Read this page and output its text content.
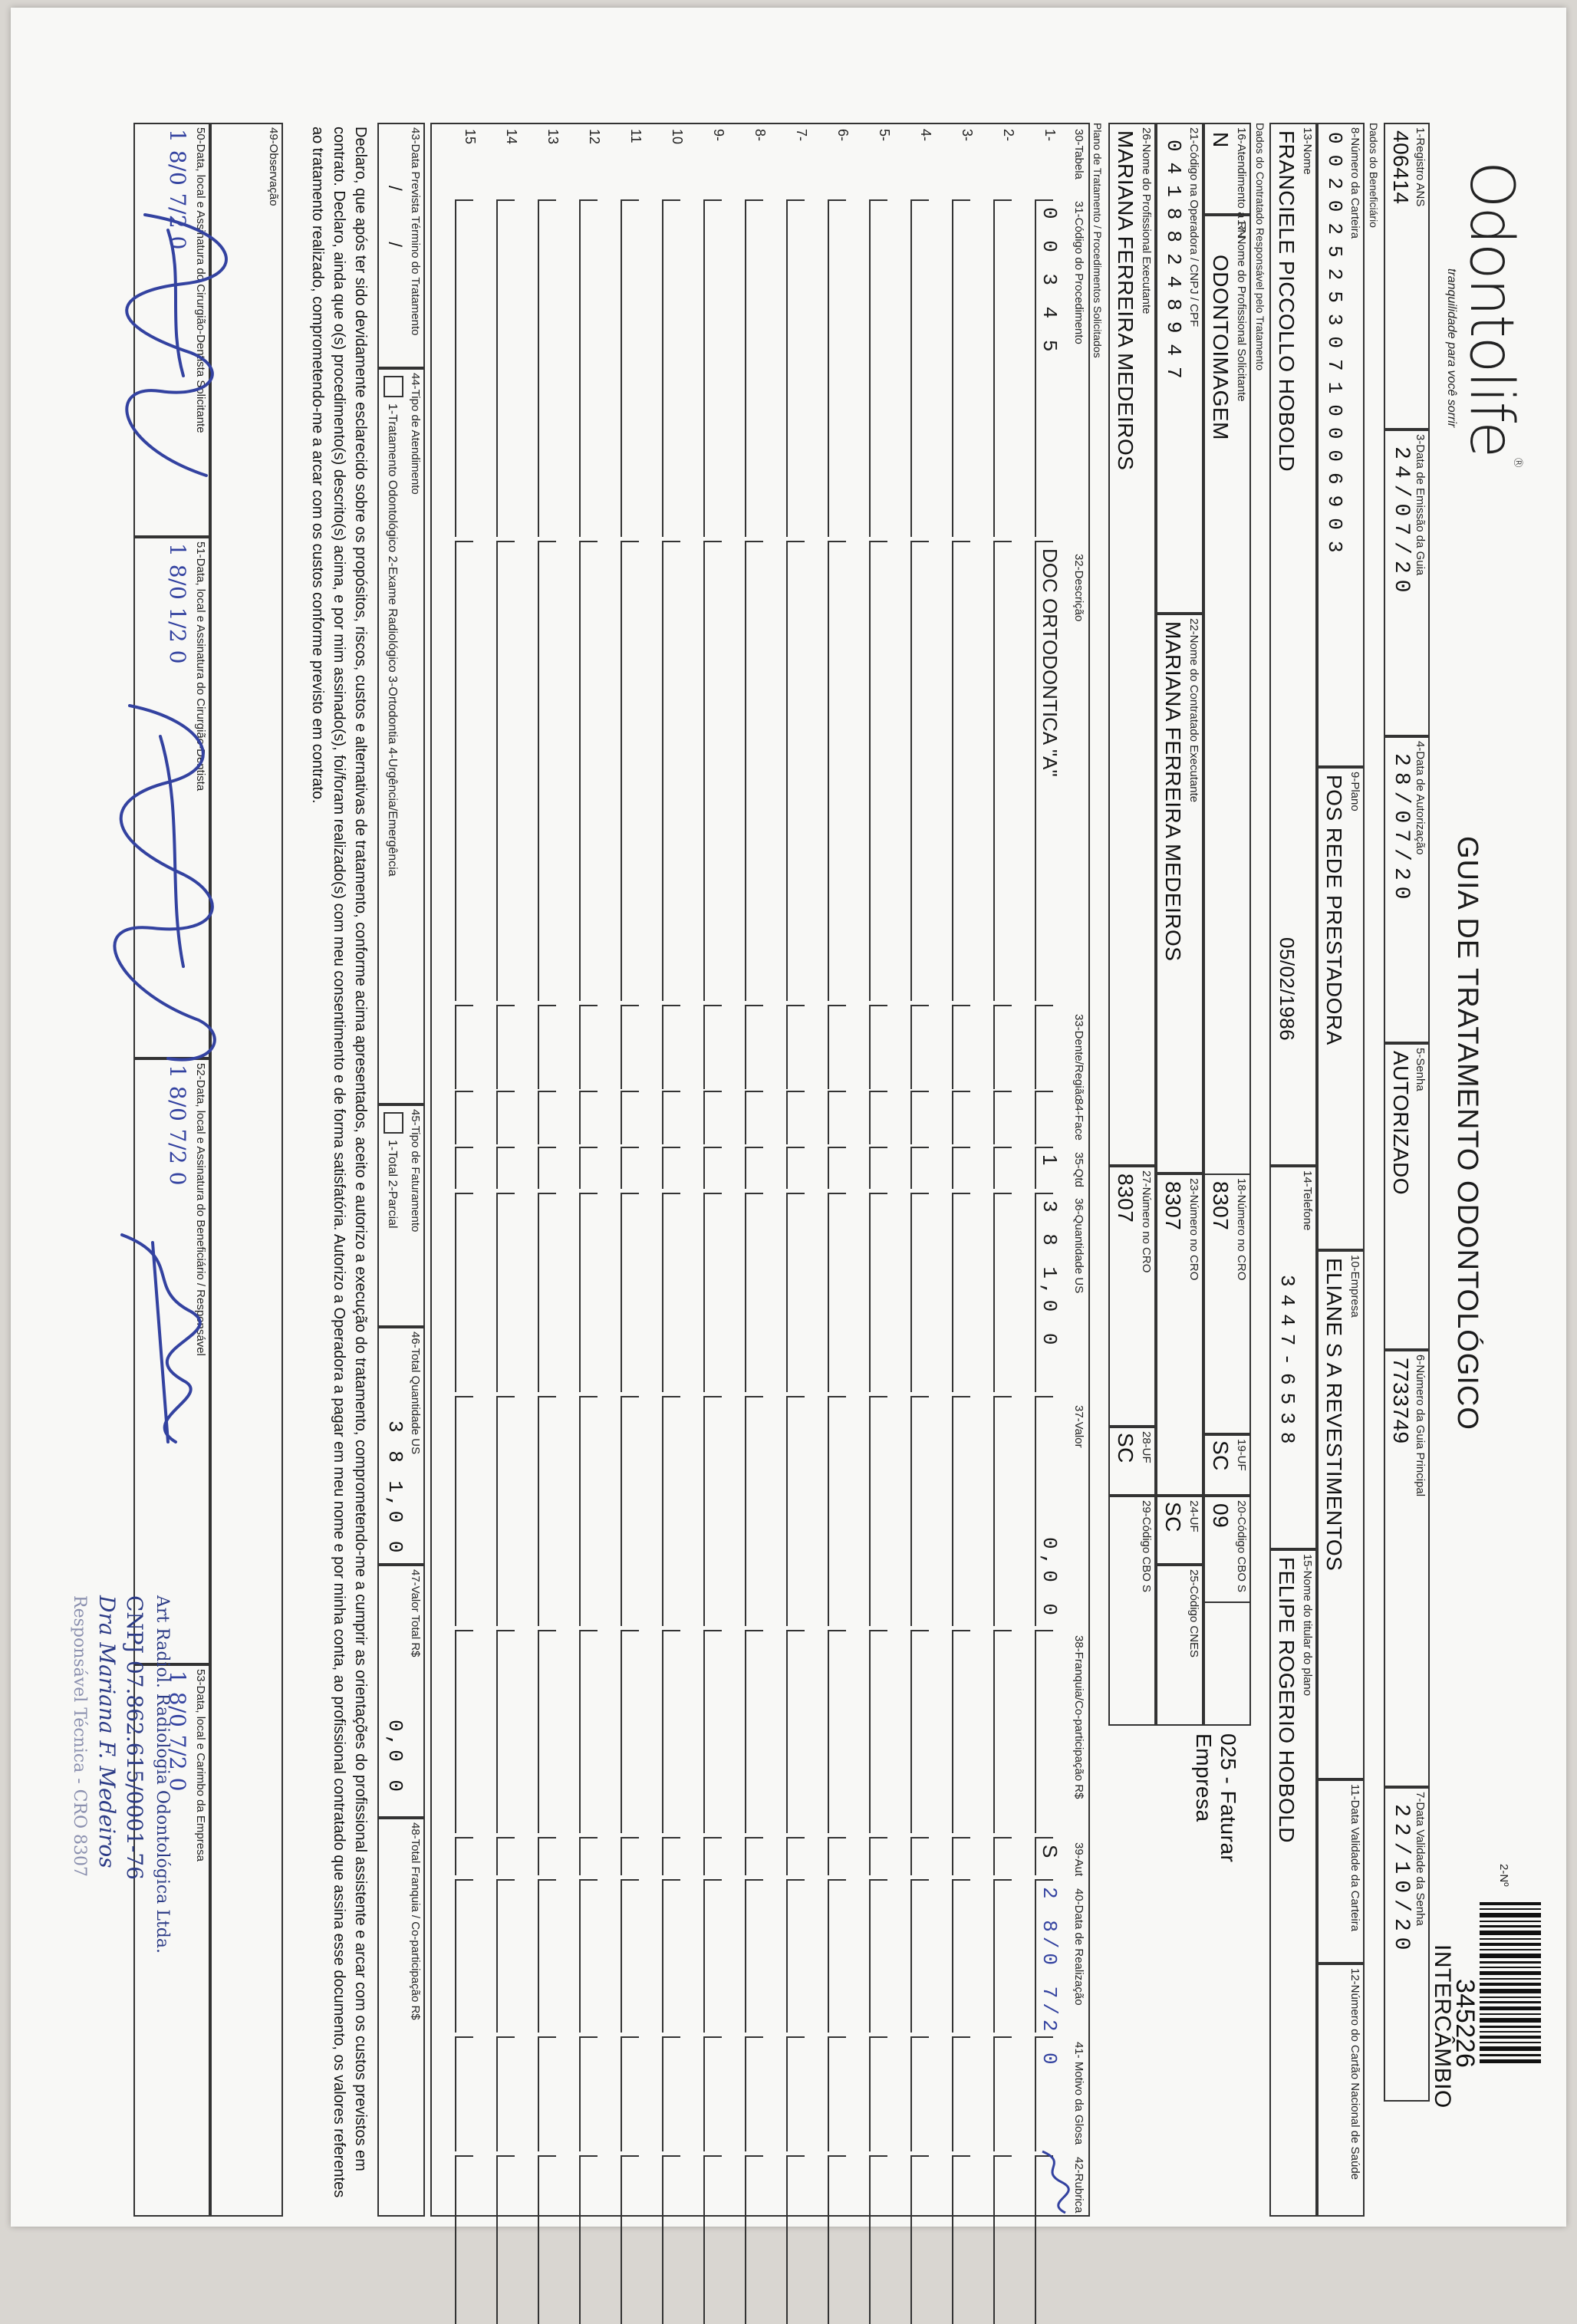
Odontolife®
tranquilidade para você sorrir
GUIA DE TRATAMENTO ODONTOLÓGICO
2-Nº
345226
INTERCÂMBIO
1-Registro ANS
406414
3-Data de Emissão da Guia
24/07/20
4-Data de Autorização
28/07/20
5-Senha
AUTORIZADO
6-Número da Guia Principal
7733749
7-Data Validade da Senha
22/10/20
Dados do Beneficiário
8-Número da Carteira
0020252530710006903
9-Plano
POS REDE PRESTADORA
10-Empresa
ELIANE S A REVESTIMENTOS
11-Data Validade da Carteira
12-Número do Cartão Nacional de Saúde
13-Nome
FRANCIELE PICCOLLO HOBOLD
05/02/1986
14-Telefone
3447-6538
15-Nome do titular do plano
FELIPE ROGERIO HOBOLD
Dados do Contratado Responsável pelo Tratamento
16-Atendimento a RN
N
17-Nome do Profissional Solicitante
ODONTOIMAGEM
18-Número no CRO
8307
19-UF
SC
20-Código CBO S
09
025 - Faturar Empresa
21-Código na Operadora / CNPJ / CPF
04188248947
22-Nome do Contratado Executante
MARIANA FERREIRA MEDEIROS
23-Número no CRO
8307
24-UF
SC
25-Código CNES
26-Nome do Profissional Executante
MARIANA FERREIRA MEDEIROS
27-Número no CRO
8307
28-UF
SC
29-Código CBO S
Plano de Tratamento / Procedimentos Solicitados
30-Tabela
31-Código do Procedimento
32-Descrição
33-Dente/Região
34-Face
35-Qtd
36-Quantidade US
37-Valor
38-Franquia/Co-participação R$
39-Aut
40-Data de Realização
41- Motivo da Glosa
42-Rubrica
1-
0 0 3 4 5
DOC ORTODONTICA "A"
1
3 8 1,0 0
0,0 0
S
2 8/0 7/2 0
2-
3-
4-
5-
6-
7-
8-
9-
10
11
12
13
14
15
43-Data Prevista Término do Tratamento
/ /
44-Tipo de Atendimento
1-Tratamento Odontológico 2-Exame Radiológico 3-Ortodontia 4-Urgência/Emergência
45-Tipo de Faturamento
1-Total 2-Parcial
46-Total Quantidade US
3 8 1,0 0
47-Valor Total R$
0,0 0
48-Total Franquia / Co-participação R$
Declaro, que após ter sido devidamente esclarecido sobre os propósitos, riscos, custos e alternativas de tratamento, conforme acima apresentados, aceito e autorizo a execução do tratamento, comprometendo-me a cumprir as orientações do profissional assistente e arcar com os custos previstos em contrato. Declaro, ainda que o(s) procedimento(s) descrito(s) acima, e por mim assinado(s), foi/foram realizado(s) com meu consentimento e de forma satisfatória. Autorizo a Operadora a pagar em meu nome e por minha conta, ao profissional contratado que assina esse documento, os valores referentes ao tratamento realizado, comprometendo-me a arcar com os custos conforme previsto em contrato.
49-Observação
50-Data, local e Assinatura do Cirurgião-Dentista Solicitante
1 8/0 7/2 0
51-Data, local e Assinatura do Cirurgião-Dentista
1 8/0 1/2 0
52-Data, local e Assinatura do Beneficiário / Responsável
1 8/0 7/2 0
53-Data, local e Carimbo da Empresa
1 8/0 7/2 0
Art Radiol. Radiologia Odontológica Ltda.
CNPJ 07.862.615/0001-76
Dra Mariana F. Medeiros
Responsável Técnica - CRO 8307
